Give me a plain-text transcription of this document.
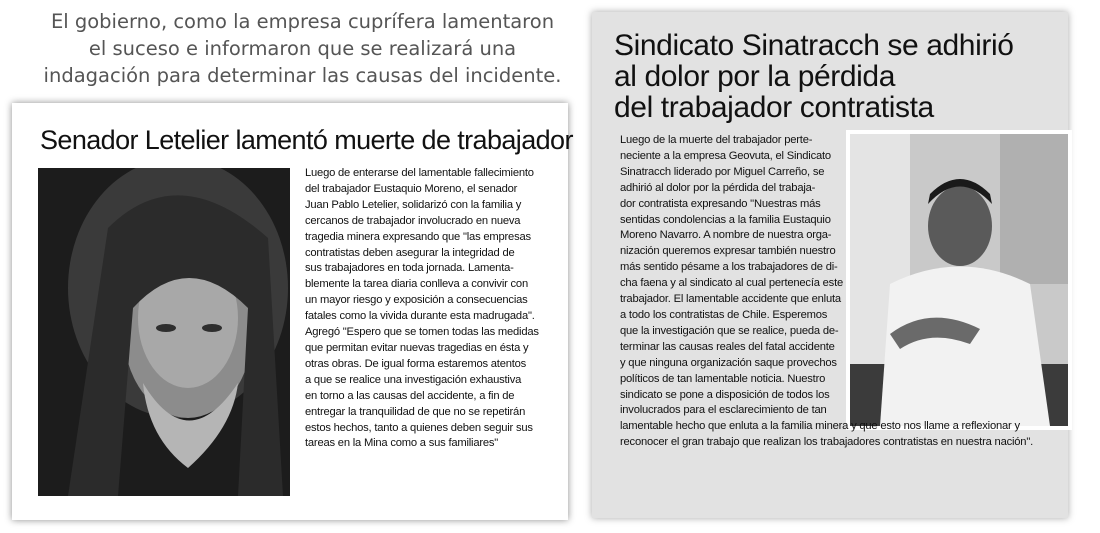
El gobierno, como la empresa cuprífera lamentaron
el suceso e informaron que se realizará una
indagación para determinar las causas del incidente.
Senador Letelier lamentó muerte de trabajador
Luego de enterarse del lamentable fallecimiento
del trabajador Eustaquio Moreno, el senador
Juan Pablo Letelier, solidarizó con la familia y
cercanos de trabajador involucrado en nueva
tragedia minera expresando que "las empresas
contratistas deben asegurar la integridad de
sus trabajadores en toda jornada. Lamenta-
blemente la tarea diaria conlleva a convivir con
un mayor riesgo y exposición a consecuencias
fatales como la vivida durante esta madrugada".
Agregó "Espero que se tomen todas las medidas
que permitan evitar nuevas tragedias en ésta y
otras obras. De igual forma estaremos atentos
a que se realice una investigación exhaustiva
en torno a las causas del accidente, a fin de
entregar la tranquilidad de que no se repetirán
estos hechos, tanto a quienes deben seguir sus
tareas en la Mina como a sus familiares"
Sindicato Sinatracch se adhirió
al dolor por la pérdida
del trabajador contratista
Luego de la muerte del trabajador perte-
neciente a la empresa Geovuta, el Sindicato
Sinatracch liderado por Miguel Carreño, se
adhirió al dolor por la pérdida del trabaja-
dor contratista expresando "Nuestras más
sentidas condolencias a la familia Eustaquio
Moreno Navarro. A nombre de nuestra orga-
nización queremos expresar también nuestro
más sentido pésame a los trabajadores de di-
cha faena y al sindicato al cual pertenecía este
trabajador. El lamentable accidente que enluta
a todo los contratistas de Chile. Esperemos
que la investigación que se realice, pueda de-
terminar las causas reales del fatal accidente
y que ninguna organización saque provechos
políticos de tan lamentable noticia. Nuestro
sindicato se pone a disposición de todos los
involucrados para el esclarecimiento de tan
lamentable hecho que enluta a la familia minera y que esto nos llame a reflexionar y
reconocer el gran trabajo que realizan los trabajadores contratistas en nuestra nación".
